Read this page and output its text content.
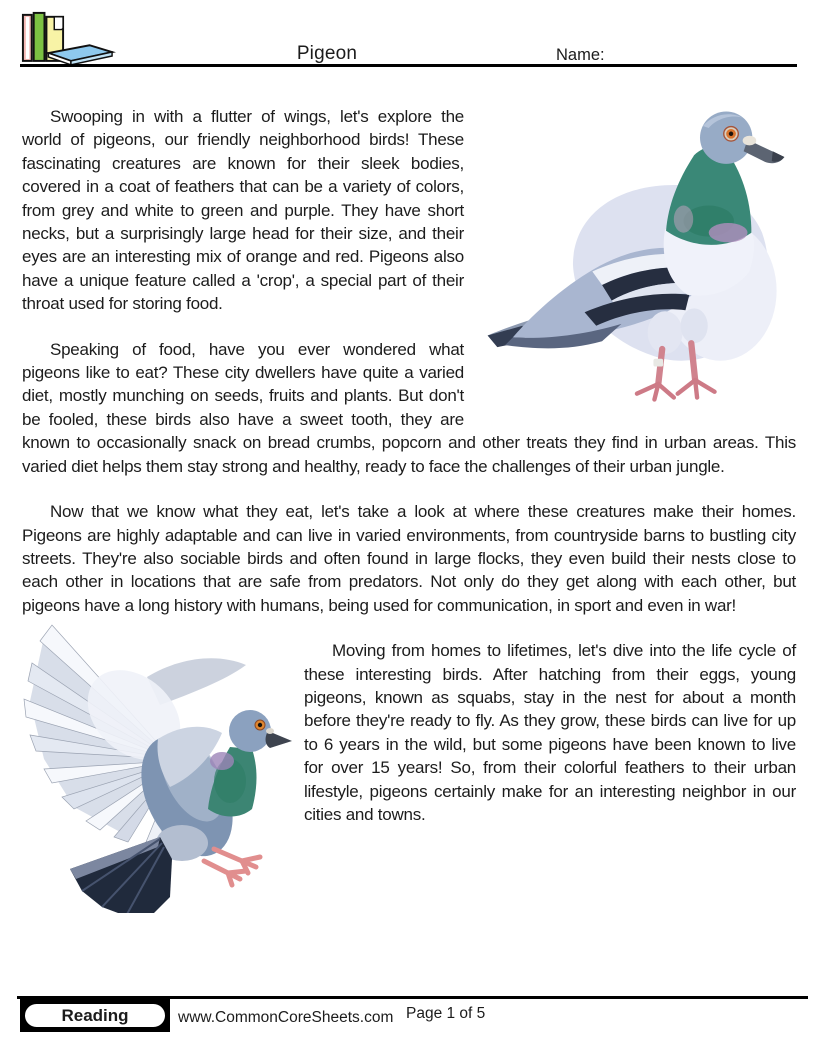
Pigeon	Name:

Swooping in with a flutter of wings, let's explore the world of pigeons, our friendly neighborhood birds! These fascinating creatures are known for their sleek bodies, covered in a coat of feathers that can be a variety of colors, from grey and white to green and purple. They have short necks, but a surprisingly large head for their size, and their eyes are an interesting mix of orange and red. Pigeons also have a unique feature called a 'crop', a special part of their throat used for storing food.

Speaking of food, have you ever wondered what pigeons like to eat? These city dwellers have quite a varied diet, mostly munching on seeds, fruits and plants. But don't be fooled, these birds also have a sweet tooth, they are known to occasionally snack on bread crumbs, popcorn and other treats they find in urban areas. This varied diet helps them stay strong and healthy, ready to face the challenges of their urban jungle.

Now that we know what they eat, let's take a look at where these creatures make their homes. Pigeons are highly adaptable and can live in varied environments, from countryside barns to bustling city streets. They're also sociable birds and often found in large flocks, they even build their nests close to each other in locations that are safe from predators. Not only do they get along with each other, but pigeons have a long history with humans, being used for communication, in sport and even in war!

Moving from homes to lifetimes, let's dive into the life cycle of these interesting birds. After hatching from their eggs, young pigeons, known as squabs, stay in the nest for about a month before they're ready to fly. As they grow, these birds can live for up to 6 years in the wild, but some pigeons have been known to live for over 15 years! So, from their colorful feathers to their urban lifestyle, pigeons certainly make for an interesting neighbor in our cities and towns.

Reading	www.CommonCoreSheets.com Page 1 of 5
